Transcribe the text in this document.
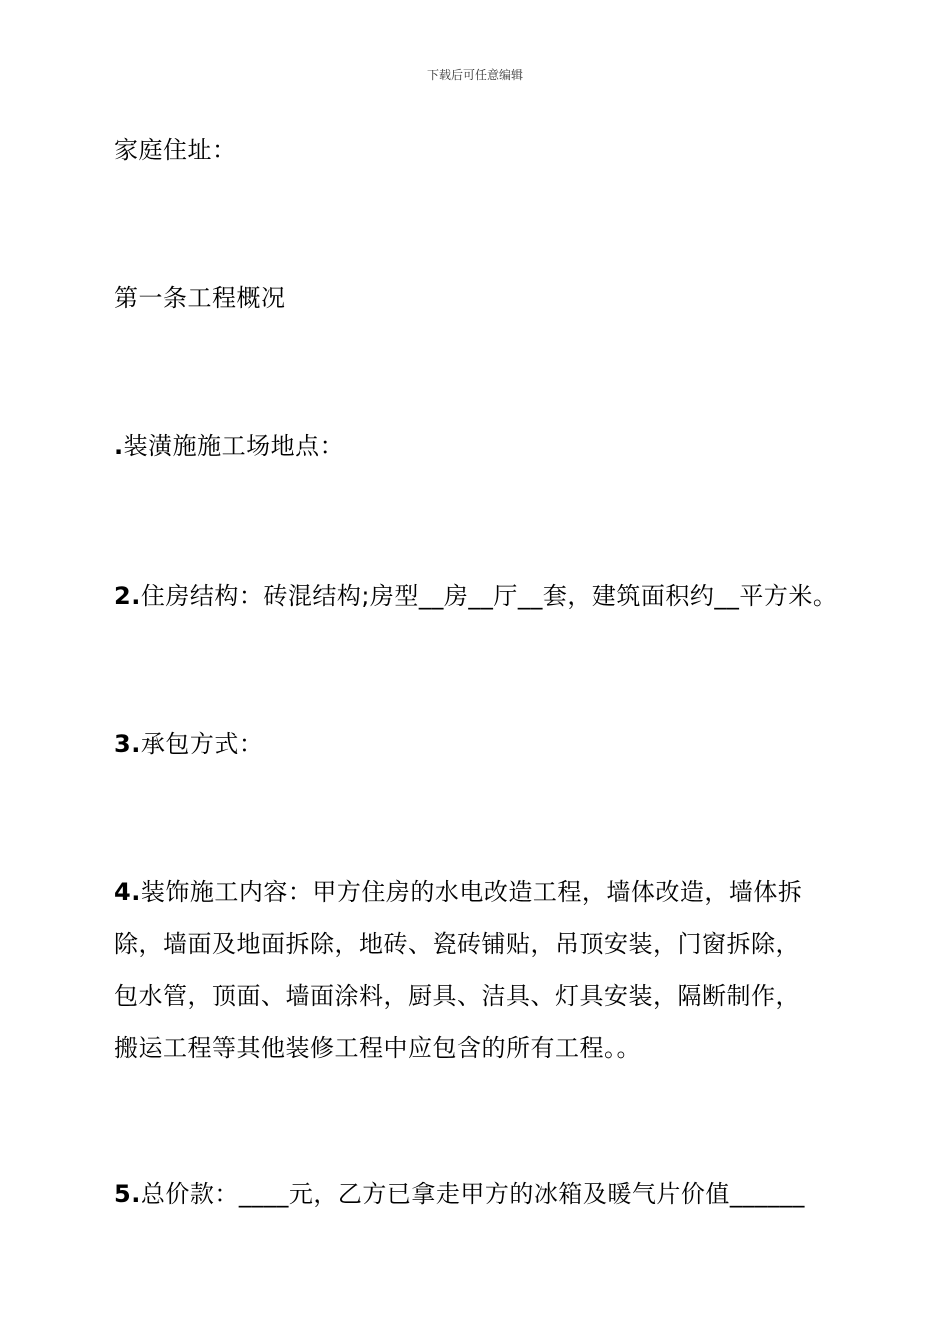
下载后可任意编辑
家庭住址：
第一条工程概况
.装潢施施工场地点：
2.住房结构：砖混结构;房型__房__厅__套，建筑面积约__平方米。
3.承包方式：
4.装饰施工内容：甲方住房的水电改造工程，墙体改造，墙体拆
除，墙面及地面拆除，地砖、瓷砖铺贴，吊顶安装，门窗拆除，
包水管，顶面、墙面涂料，厨具、洁具、灯具安装，隔断制作，
搬运工程等其他装修工程中应包含的所有工程。。
5.总价款：____元，乙方已拿走甲方的冰箱及暖气片价值______
